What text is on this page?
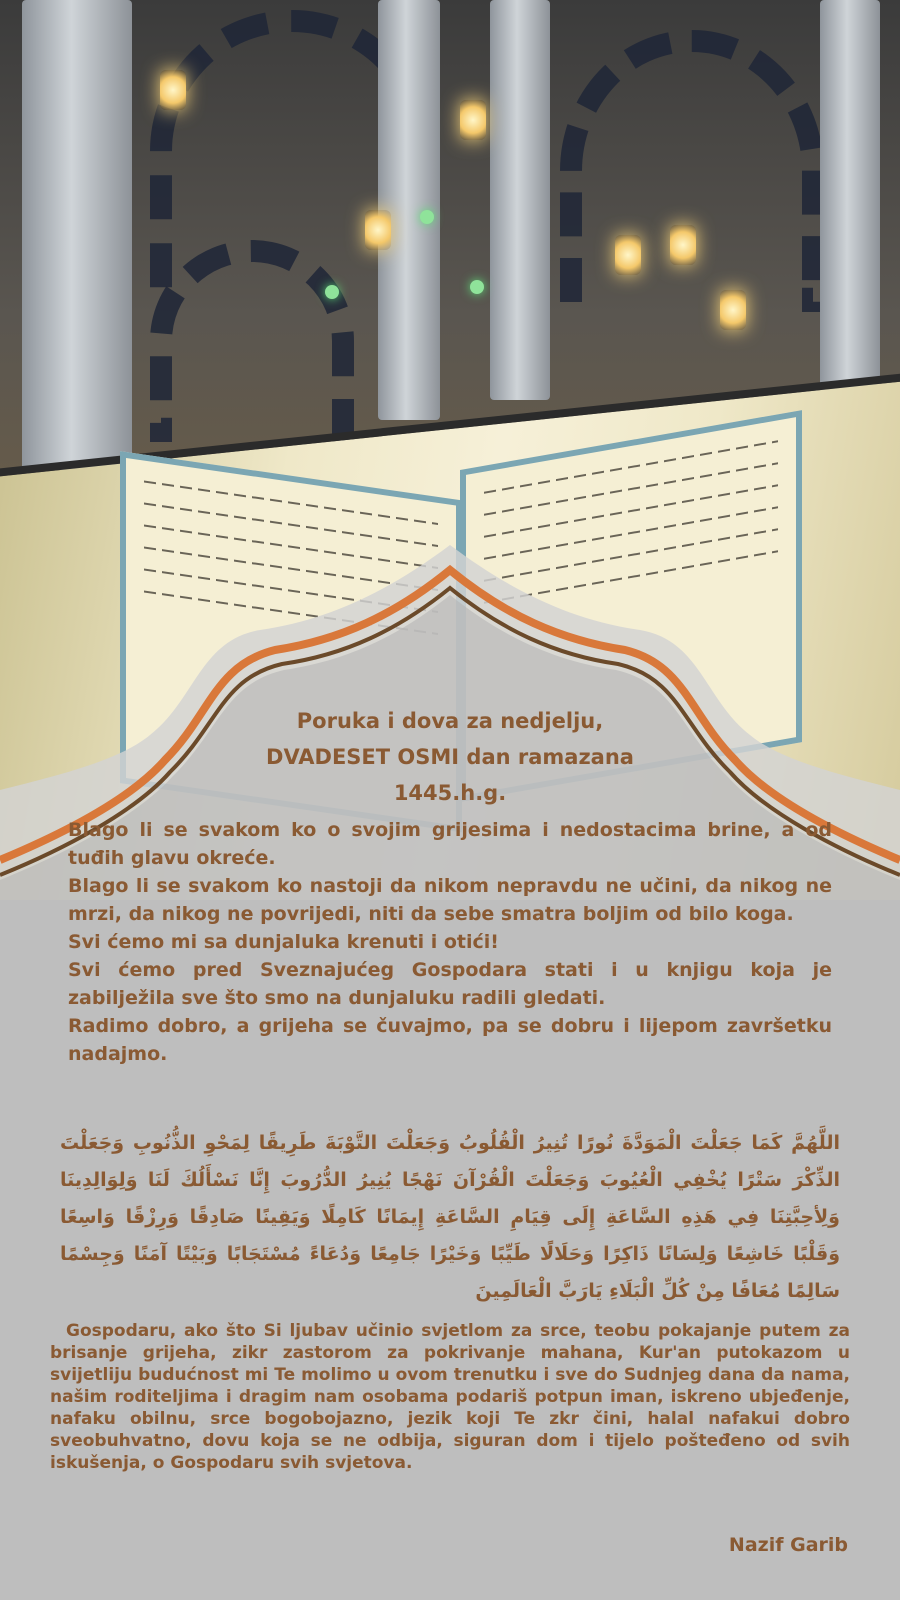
Poruka i dova za nedjelju,
DVADESET OSMI dan ramazana
1445.h.g.

Blago li se svakom ko o svojim grijesima i nedostacima brine, a od tuđih glavu okreće.

Blago li se svakom ko nastoji da nikom nepravdu ne učini, da nikog ne mrzi, da nikog ne povrijedi, niti da sebe smatra boljim od bilo koga.

Svi ćemo mi sa dunjaluka krenuti i otići!

Svi ćemo pred Sveznajućeg Gospodara stati i u knjigu koja je zabilježila sve što smo na dunjaluku radili gledati.

Radimo dobro, a grijeha se čuvajmo, pa se dobru i lijepom završetku nadajmo.

اللَّهُمَّ كَمَا جَعَلْتَ الْمَوَدَّةَ نُورًا تُنِيرُ الْقُلُوبُ وَجَعَلْتَ التَّوْبَةَ طَرِيقًا لِمَحْوِ الذُّنُوبِ وَجَعَلْتَ الذِّكْرَ سَتْرًا يُخْفِي الْعُيُوبَ وَجَعَلْتَ الْقُرْآنَ نَهْجًا يُنِيرُ الدُّرُوبَ إِنَّا نَسْأَلُكَ لَنَا وَلِوَالِدِينَا وَلِأحِبَّتِنَا فِي هَذِهِ السَّاعَةِ إِلَى قِيَامِ السَّاعَةِ إِيمَانًا كَامِلًا وَيَقِينًا صَادِقًا وَرِزْقًا وَاسِعًا وَقَلْبًا خَاشِعًا وَلِسَانًا ذَاكِرًا وَحَلَالًا طَيِّبًا وَخَيْرًا جَامِعًا وَدُعَاءً مُسْتَجَابًا وَبَيْتًا آمَنًا وَجِسْمًا سَالِمًا مُعَافًا مِنْ كُلِّ الْبَلَاءِ يَارَبَّ الْعَالَمِينَ
Gospodaru, ako što Si ljubav učinio svjetlom za srce, teobu pokajanje putem za brisanje grijeha, zikr zastorom za pokrivanje mahana, Kur'an putokazom u svijetliju budućnost mi Te molimo u ovom trenutku i sve do Sudnjeg dana da nama, našim roditeljima i dragim nam osobama podariš potpun iman, iskreno ubjeđenje, nafaku obilnu, srce bogobojazno, jezik koji Te zkr čini, halal nafakui dobro sveobuhvatno, dovu koja se ne odbija, siguran dom i tijelo pošteđeno od svih iskušenja, o Gospodaru svih svjetova.
Nazif Garib
